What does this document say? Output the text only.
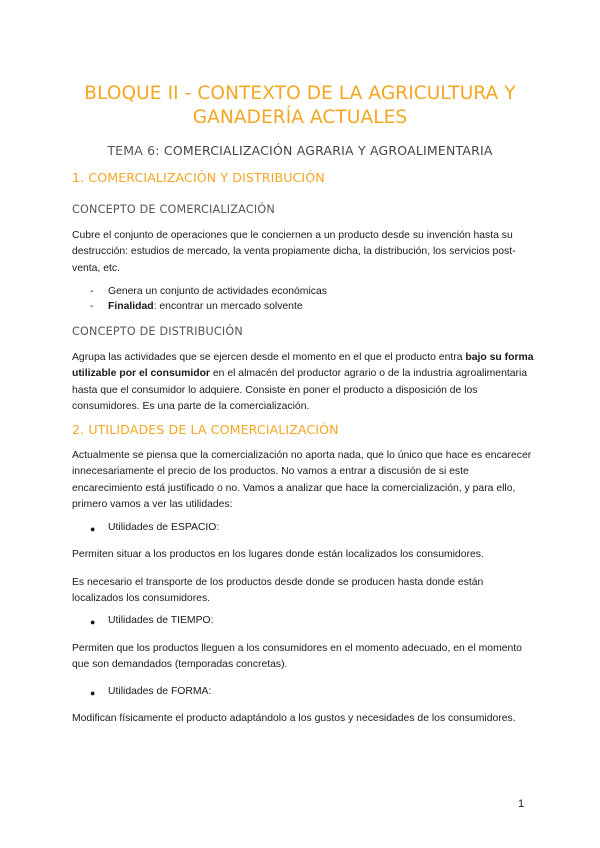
BLOQUE II - CONTEXTO DE LA AGRICULTURA Y
GANADERÍA ACTUALES
TEMA 6: COMERCIALIZACIÓN AGRARIA Y AGROALIMENTARIA
1. COMERCIALIZACIÓN Y DISTRIBUCIÓN
CONCEPTO DE COMERCIALIZACIÓN
Cubre el conjunto de operaciones que le conciernen a un producto desde su invención hasta su destrucción: estudios de mercado, la venta propiamente dicha, la distribución, los servicios post-venta, etc.
- Genera un conjunto de actividades económicas
- Finalidad: encontrar un mercado solvente
CONCEPTO DE DISTRIBUCIÓN
Agrupa las actividades que se ejercen desde el momento en el que el producto entra bajo su forma utilizable por el consumidor en el almacén del productor agrario o de la industria agroalimentaria hasta que el consumidor lo adquiere. Consiste en poner el producto a disposición de los consumidores. Es una parte de la comercialización.
2. UTILIDADES DE LA COMERCIALIZACIÓN
Actualmente se piensa que la comercialización no aporta nada, que lo único que hace es encarecer innecesariamente el precio de los productos. No vamos a entrar a discusión de si este encarecimiento está justificado o no. Vamos a analizar que hace la comercialización, y para ello, primero vamos a ver las utilidades:
● Utilidades de ESPACIO:
Permiten situar a los productos en los lugares donde están localizados los consumidores.
Es necesario el transporte de los productos desde donde se producen hasta donde están localizados los consumidores.
● Utilidades de TIEMPO:
Permiten que los productos lleguen a los consumidores en el momento adecuado, en el momento que son demandados (temporadas concretas).
● Utilidades de FORMA:
Modifican físicamente el producto adaptándolo a los gustos y necesidades de los consumidores.
1
